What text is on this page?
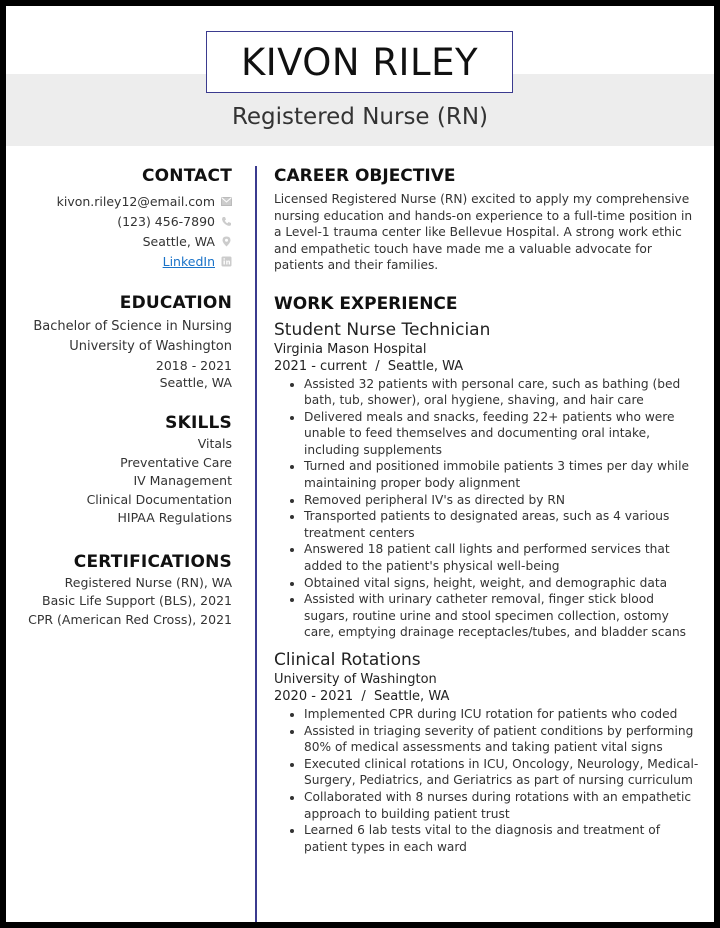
KIVON RILEY
Registered Nurse (RN)
CONTACT
kivon.riley12@email.com
(123) 456-7890
Seattle, WA
LinkedIn
EDUCATION
Bachelor of Science in Nursing
University of Washington
2018 - 2021
Seattle, WA
SKILLS
Vitals
Preventative Care
IV Management
Clinical Documentation
HIPAA Regulations
CERTIFICATIONS
Registered Nurse (RN), WA
Basic Life Support (BLS), 2021
CPR (American Red Cross), 2021
CAREER OBJECTIVE
Licensed Registered Nurse (RN) excited to apply my comprehensive nursing education and hands-on experience to a full-time position in a Level-1 trauma center like Bellevue Hospital. A strong work ethic and empathetic touch have made me a valuable advocate for patients and their families.
WORK EXPERIENCE
Student Nurse Technician
Virginia Mason Hospital
2021 - current  /  Seattle, WA
• Assisted 32 patients with personal care, such as bathing (bed bath, tub, shower), oral hygiene, shaving, and hair care
• Delivered meals and snacks, feeding 22+ patients who were unable to feed themselves and documenting oral intake, including supplements
• Turned and positioned immobile patients 3 times per day while maintaining proper body alignment
• Removed peripheral IV's as directed by RN
• Transported patients to designated areas, such as 4 various treatment centers
• Answered 18 patient call lights and performed services that added to the patient's physical well-being
• Obtained vital signs, height, weight, and demographic data
• Assisted with urinary catheter removal, finger stick blood sugars, routine urine and stool specimen collection, ostomy care, emptying drainage receptacles/tubes, and bladder scans
Clinical Rotations
University of Washington
2020 - 2021  /  Seattle, WA
• Implemented CPR during ICU rotation for patients who coded
• Assisted in triaging severity of patient conditions by performing 80% of medical assessments and taking patient vital signs
• Executed clinical rotations in ICU, Oncology, Neurology, Medical-Surgery, Pediatrics, and Geriatrics as part of nursing curriculum
• Collaborated with 8 nurses during rotations with an empathetic approach to building patient trust
• Learned 6 lab tests vital to the diagnosis and treatment of patient types in each ward
